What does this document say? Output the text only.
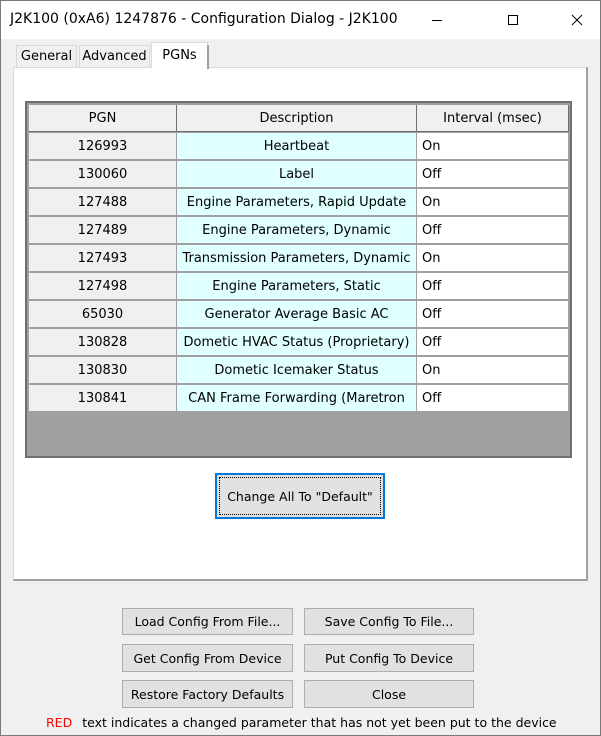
J2K100 (0xA6) 1247876 - Configuration Dialog - J2K100
General Advanced	PGNs
PGN	Description	Interval (msec)
126993	Heartbeat	On
130060	Label	Off
127488	Engine Parameters, Rapid Update	On
127489	Engine Parameters, Dynamic	Off
127493	Transmission Parameters, Dynamic On
127498	Engine Parameters, Static	Off
65030	Generator Average Basic AC	Off
130828	Dometic HVAC Status (Proprietary) Off
130830	Dometic Icemaker Status	On
130841	CAN Frame Forwarding (Maretron	Off
Change All To "Default"
Load Config From File...	Save Config To File...
Get Config From Device	Put Config To Device
Restore Factory Defaults	Close
RED text indicates a changed parameter that has not yet been put to the device
